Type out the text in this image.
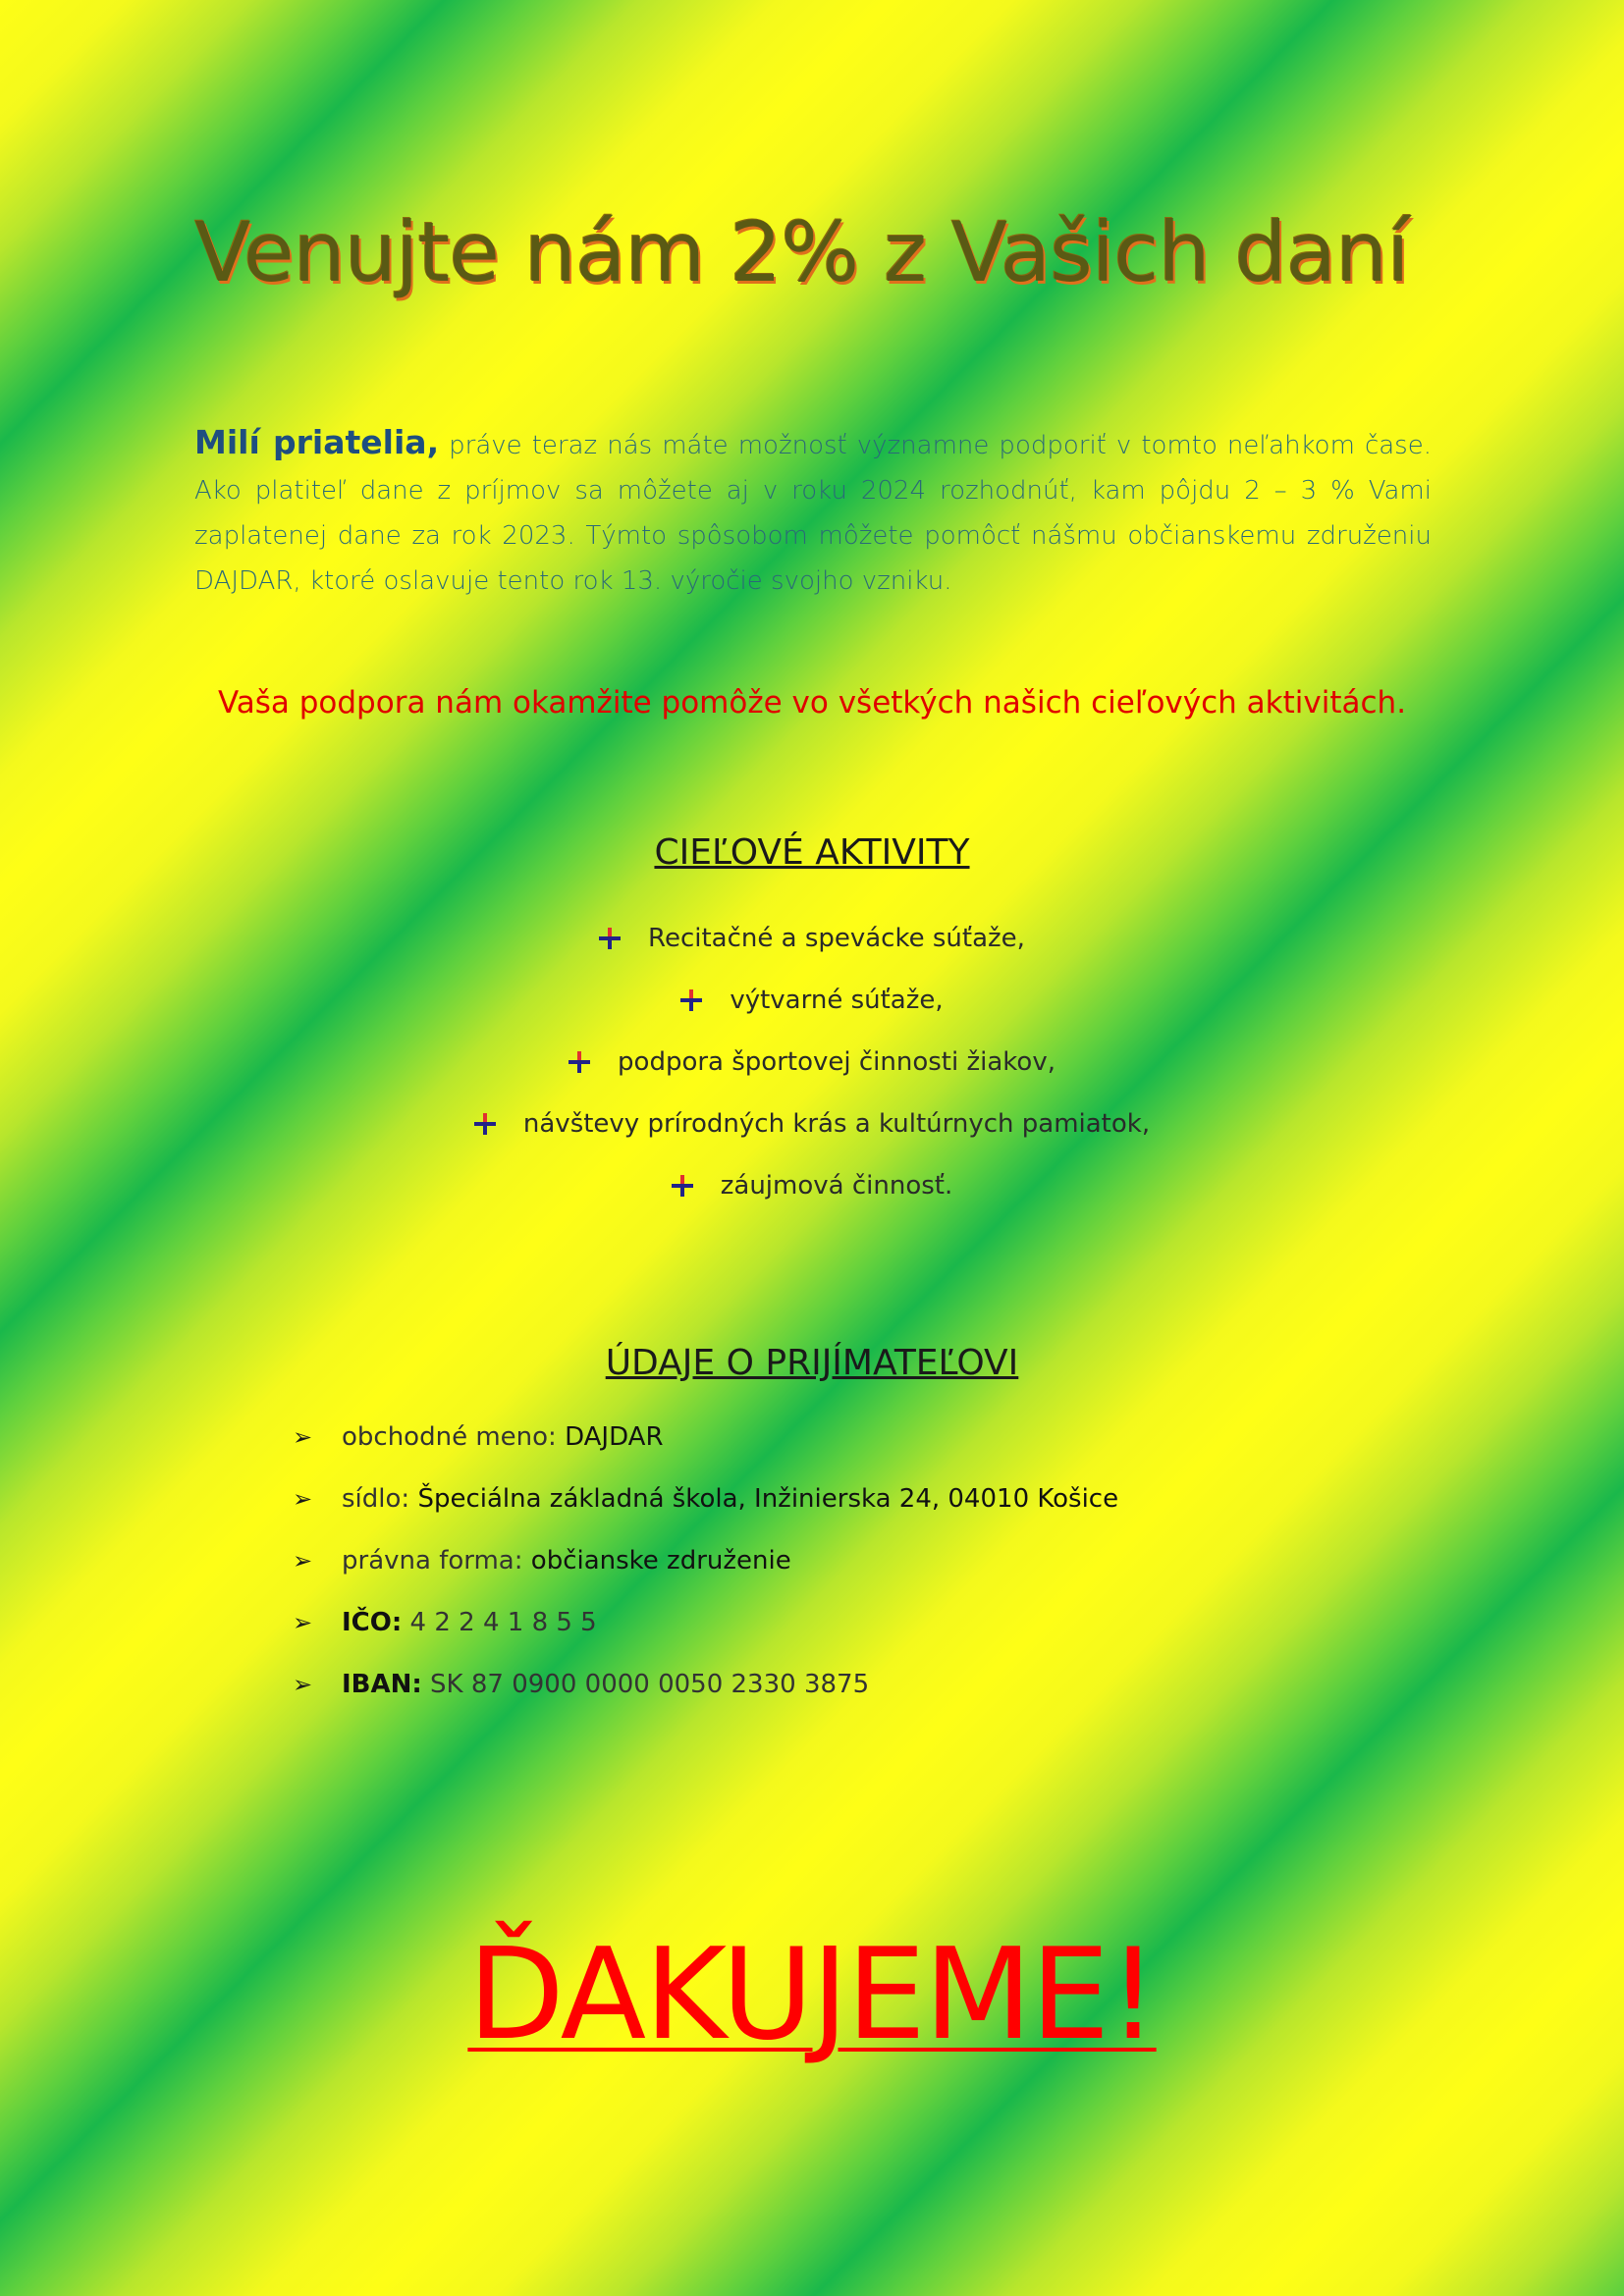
Venujte nám 2% z Vašich daní

Milí priatelia, práve teraz nás máte možnosť významne podporiť v tomto neľahkom čase. Ako platiteľ dane z príjmov sa môžete aj v roku 2024 rozhodnúť, kam pôjdu 2 – 3 % Vami zaplatenej dane za rok 2023. Týmto spôsobom môžete pomôcť nášmu občianskemu združeniu DAJDAR, ktoré oslavuje tento rok 13. výročie svojho vzniku.

Vaša podpora nám okamžite pomôže vo všetkých našich cieľových aktivitách.

CIEĽOVÉ AKTIVITY
Recitačné a spevácke súťaže,
výtvarné súťaže,
podpora športovej činnosti žiakov,
návštevy prírodných krás a kultúrnych pamiatok,
záujmová činnosť.
ÚDAJE O PRIJÍMATEĽOVI
➢ obchodné meno:
DAJDAR
➢ sídlo:
Špeciálna základná škola, Inžinierska 24, 04010 Košice
➢ právna forma:
občianske združenie
➢ IČO:
4 2 2 4 1 8 5 5
➢ IBAN:
SK 87 0900 0000 0050 2330 3875
ĎAKUJEME!
